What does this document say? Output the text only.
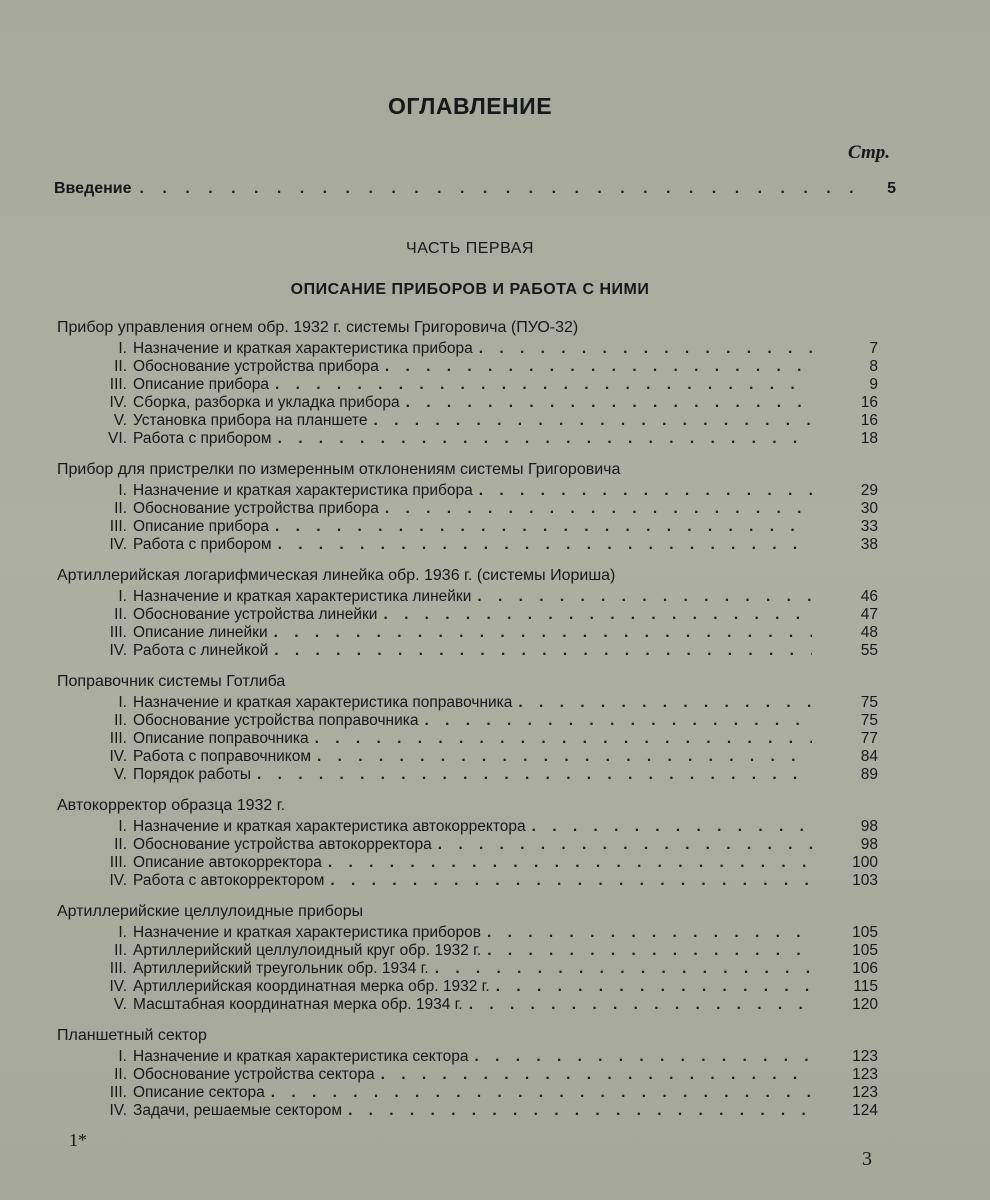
ОГЛАВЛЕНИЕ
Стр.
Введение . . .	5
ЧАСТЬ ПЕРВАЯ
ОПИСАНИЕ ПРИБОРОВ И РАБОТА С НИМИ
Прибор управления огнем обр. 1932 г. системы Григоровича (ПУО-32)
I. Назначение и краткая характеристика прибора . . .	7
II. Обоснование устройства прибора . . .	8
III. Описание прибора . . .	9
IV. Сборка, разборка и укладка прибора . . .	16
V. Установка прибора на планшете . . .	16
VI. Работа с прибором . . .	18
Прибор для пристрелки по измеренным отклонениям системы Григоровича
I. Назначение и краткая характеристика прибора . . .	29
II. Обоснование устройства прибора . . .	30
III. Описание прибора . . .	33
IV. Работа с прибором . . .	38
Артиллерийская логарифмическая линейка обр. 1936 г. (системы Иориша)
I. Назначение и краткая характеристика линейки . . .	46
II. Обоснование устройства линейки . . .	47
III. Описание линейки . . .	48
IV. Работа с линейкой . . .	55
Поправочник системы Готлиба
I. Назначение и краткая характеристика поправочника . . .	75
II. Обоснование устройства поправочника . . .	75
III. Описание поправочника . . .	77
IV. Работа с поправочником . . .	84
V. Порядок работы . . .	89
Автокорректор образца 1932 г.
I. Назначение и краткая характеристика автокорректора . . .	98
II. Обоснование устройства автокорректора . . .	98
III. Описание автокорректора . . .	100
IV. Работа с автокорректором . . .	103
Артиллерийские целлулоидные приборы
I. Назначение и краткая характеристика приборов . . .	105
II. Артиллерийский целлулоидный круг обр. 1932 г. . . .	105
III. Артиллерийский треугольник обр. 1934 г. . . .	106
IV. Артиллерийская координатная мерка обр. 1932 г. . . .	115
V. Масштабная координатная мерка обр. 1934 г. . . .	120
Планшетный сектор
I. Назначение и краткая характеристика сектора . . .	123
II. Обоснование устройства сектора . . .	123
III. Описание сектора . . .	123
IV. Задачи, решаемые сектором . . .	124
1*
3
